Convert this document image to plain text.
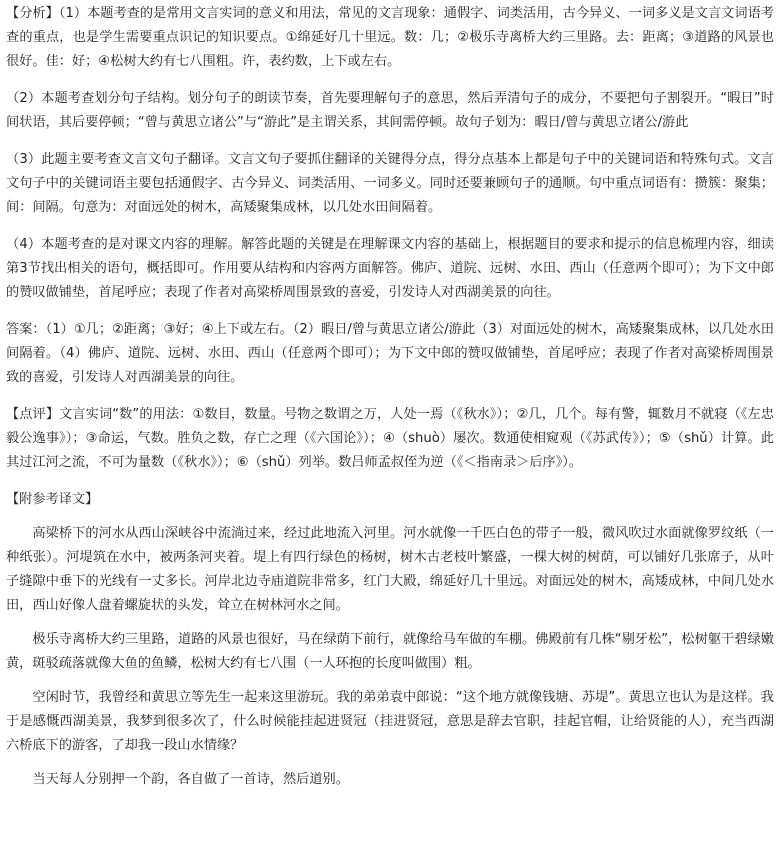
【分析】（1）本题考查的是常用文言实词的意义和用法，常见的文言现象：通假字、词类活用，古今异义、一词多义是文言文词语考查的重点，也是学生需要重点识记的知识要点。①绵延好几十里远。数：几；②极乐寺离桥大约三里路。去：距离；③道路的风景也很好。佳：好；④松树大约有七八围粗。许，表约数，上下或左右。

（2）本题考查划分句子结构。划分句子的朗读节奏，首先要理解句子的意思，然后弄清句子的成分，不要把句子割裂开。“暇日”时间状语，其后要停顿；“曾与黄思立诸公”与“游此”是主谓关系，其间需停顿。故句子划为：暇日/曾与黄思立诸公/游此

（3）此题主要考查文言文句子翻译。文言文句子要抓住翻译的关键得分点，得分点基本上都是句子中的关键词语和特殊句式。文言文句子中的关键词语主要包括通假字、古今异义、词类活用、一词多义。同时还要兼顾句子的通顺。句中重点词语有：攒簇：聚集；间：间隔。句意为：对面远处的树木，高矮聚集成林，以几处水田间隔着。

（4）本题考查的是对课文内容的理解。解答此题的关键是在理解课文内容的基础上，根据题目的要求和提示的信息梳理内容，细读第3节找出相关的语句，概括即可。作用要从结构和内容两方面解答。佛庐、道院、远树、水田、西山（任意两个即可）；为下文中郎的赞叹做铺垫，首尾呼应；表现了作者对高梁桥周围景致的喜爱，引发诗人对西湖美景的向往。

答案：（1）①几；②距离；③好；④上下或左右。（2）暇日/曾与黄思立诸公/游此（3）对面远处的树木，高矮聚集成林，以几处水田间隔着。（4）佛庐、道院、远树、水田、西山（任意两个即可）；为下文中郎的赞叹做铺垫，首尾呼应；表现了作者对高梁桥周围景致的喜爱，引发诗人对西湖美景的向往。

【点评】文言实词“数”的用法：①数目，数量。号物之数谓之万，人处一焉（《秋水》）；②几，几个。每有警，辄数月不就寝（《左忠毅公逸事》）；③命运，气数。胜负之数，存亡之理（《六国论》）；④（shuò）屡次。数通使相窥观（《苏武传》）；⑤（shǔ）计算。此其过江河之流，不可为量数（《秋水》）；⑥（shǔ）列举。数吕师孟叔侄为逆（《＜指南录＞后序》）。

【附参考译文】

高梁桥下的河水从西山深峡谷中流淌过来，经过此地流入河里。河水就像一千匹白色的带子一般，微风吹过水面就像罗纹纸（一种纸张）。河堤筑在水中，被两条河夹着。堤上有四行绿色的杨树，树木古老枝叶繁盛，一棵大树的树荫，可以铺好几张席子，从叶子缝隙中垂下的光线有一丈多长。河岸北边寺庙道院非常多，红门大殿，绵延好几十里远。对面远处的树木，高矮成林，中间几处水田，西山好像人盘着螺旋状的头发，耸立在树林河水之间。

极乐寺离桥大约三里路，道路的风景也很好，马在绿荫下前行，就像给马车做的车棚。佛殿前有几株“剔牙松”，松树躯干碧绿嫩黄，斑驳疏落就像大鱼的鱼鳞，松树大约有七八围（一人环抱的长度叫做围）粗。

空闲时节，我曾经和黄思立等先生一起来这里游玩。我的弟弟袁中郎说：“这个地方就像钱塘、苏堤”。黄思立也认为是这样。我于是感慨西湖美景，我梦到很多次了，什么时候能挂起进贤冠（挂进贤冠，意思是辞去官职，挂起官帽，让给贤能的人），充当西湖六桥底下的游客，了却我一段山水情缘？

当天每人分别押一个韵，各自做了一首诗，然后道别。
